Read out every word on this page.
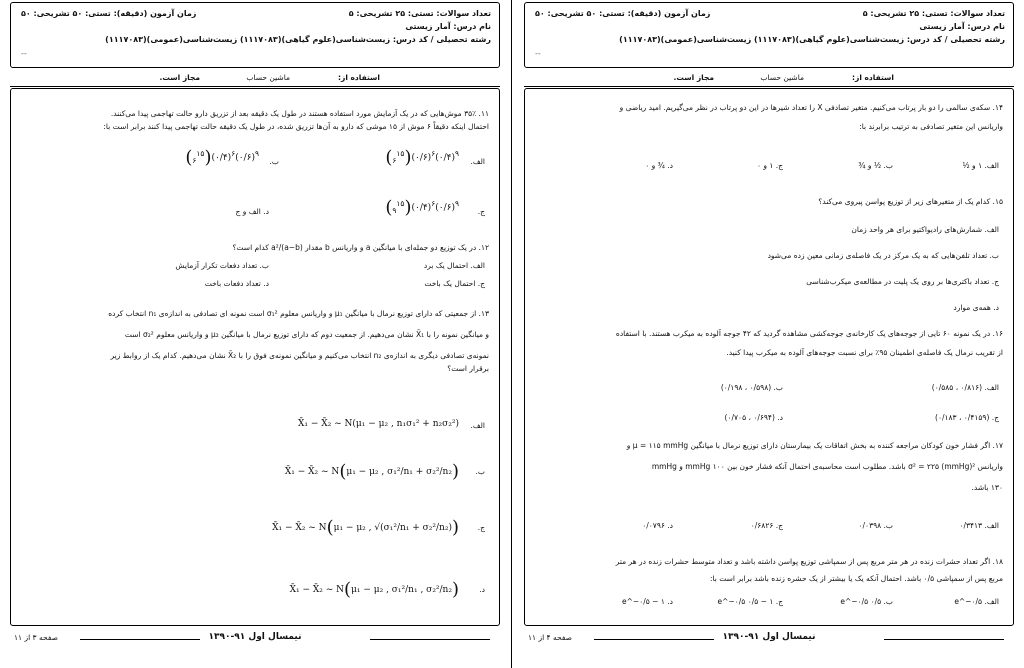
تعداد سوالات: تستی: ۲۵ تشریحی: ۵
زمان آزمون (دقیقه): تستی: ۵۰ تشریحی: ۵۰
نام درس: آمار زیستی
رشته تحصیلی / کد درس: زیست‌شناسی(علوم گیاهی)(۱۱۱۷۰۸۳) زیست‌شناسی(عمومی)(۱۱۱۷۰۸۳)
--
استفاده از:
ماشین حساب
مجاز است.
۱۱. ۳۵٪ موش‌هایی که در یک آزمایش مورد استفاده هستند در طول یک دقیقه بعد از تزریق دارو حالت تهاجمی پیدا می‌کنند.
احتمال اینکه دقیقاً ۶ موش از ۱۵ موشی که دارو به آن‌ها تزریق شده، در طول یک دقیقه حالت تهاجمی پیدا کنند برابر است با:
الف.
$(_۶^{۱۵})(۰/۶)^۶(۰/۴)^۹$
ب.
$(_۶^{۱۵})(۰/۴)^۶(۰/۶)^۹$
ج.
$(_۹^{۱۵})(۰/۴)^۶(۰/۶)^۹$
د. الف و ج
۱۲. در یک توزیع دو جمله‌ای با میانگین a و واریانس b مقدار a²/(a−b) کدام است؟
الف. احتمال یک برد
ب. تعداد دفعات تکرار آزمایش
ج. احتمال یک باخت
د. تعداد دفعات باخت
۱۳. از جمعیتی که دارای توزیع نرمال با میانگین μ₁ و واریانس معلوم σ₁² است نمونه ای تصادفی به اندازه‌ی n₁ انتخاب کرده
و میانگین نمونه را با X̄₁ نشان می‌دهیم. از جمعیت دوم که دارای توزیع نرمال با میانگین μ₂ و واریانس معلوم σ₂² است
نمونه‌ی تصادفی دیگری به اندازه‌ی n₂ انتخاب می‌کنیم و میانگین نمونه‌ی فوق را با X̄₂ نشان می‌دهیم. کدام یک از روابط زیر
برقرار است؟
الف.
X̄₁ − X̄₂ ~ N(μ₁ − μ₂ , n₁σ₁² + n₂σ₂²)
ب.
X̄₁ − X̄₂ ~ N(μ₁ − μ₂ , σ₁²/n₁ + σ₂²/n₂)
ج.
X̄₁ − X̄₂ ~ N(μ₁ − μ₂ , √(σ₁²/n₁ + σ₂²/n₂))
د.
X̄₁ − X̄₂ ~ N(μ₁ − μ₂ , σ₁²/n₁ , σ₂²/n₂)
نیمسال اول ۹۱-۱۳۹۰
صفحه ۳ از ۱۱
تعداد سوالات: تستی: ۲۵ تشریحی: ۵
زمان آزمون (دقیقه): تستی: ۵۰ تشریحی: ۵۰
نام درس: آمار زیستی
رشته تحصیلی / کد درس: زیست‌شناسی(علوم گیاهی)(۱۱۱۷۰۸۳) زیست‌شناسی(عمومی)(۱۱۱۷۰۸۳)
--
استفاده از:
ماشین حساب
مجاز است.
۱۴. سکه‌ی سالمی را دو بار پرتاب می‌کنیم. متغیر تصادفی X را تعداد شیرها در این دو پرتاب در نظر می‌گیریم. امید ریاضی و
واریانس این متغیر تصادفی به ترتیب برابرند با:
الف. ۱ و ½
ب. ½ و ¾
ج. ۱ و ۰
د. ¾ و ۰
۱۵. کدام یک از متغیرهای زیر از توزیع پواسن پیروی می‌کند؟
الف. شمارش‌های رادیواکتیو برای هر واحد زمان
ب. تعداد تلفن‌هایی که به یک مرکز در یک فاصله‌ی زمانی معین زده می‌شود
ج. تعداد باکتری‌ها بر روی یک پلیت در مطالعه‌ی میکرب‌شناسی
د. همه‌ی موارد
۱۶. در یک نمونه ۶۰ تایی از جوجه‌های یک کارخانه‌ی جوجه‌کشی مشاهده گردید که ۴۲ جوجه آلوده به میکرب هستند. با استفاده
از تقریب نرمال یک فاصله‌ی اطمینان ۹۵٪ برای نسبت جوجه‌های آلوده به میکرب پیدا کنید.
الف. (۰/۸۱۶ ، ۰/۵۸۵)
ب. (۰/۵۹۸ ، ۰/۱۹۸)
ج. (۰/۴۱۵۹ ، ۰/۱۸۳)
د. (۰/۶۹۴ ، ۰/۷۰۵)
۱۷. اگر فشار خون کودکان مراجعه کننده به بخش اتفاقات یک بیمارستان دارای توزیع نرمال با میانگین μ = ۱۱۵ mmHg و
واریانس σ² = ۲۲۵ (mmHg)² باشد. مطلوب است محاسبه‌ی احتمال آنکه فشار خون بین ۱۰۰ mmHg و mmHg
۱۳۰ باشد.
الف. ۰/۳۴۱۳
ب. ۰/۰۳۹۸
ج. ۰/۶۸۲۶
د. ۰/۰۷۹۶
۱۸. اگر تعداد حشرات زنده در هر متر مربع پس از سمپاشی توزیع پواسن داشته باشد و تعداد متوسط حشرات زنده در هر متر
مربع پس از سمپاشی ۰/۵ باشد. احتمال آنکه یک یا بیشتر از یک حشره زنده باشد برابر است با:
الف. e^−۰/۵
ب. ۰/۵ e^−۰/۵
ج. ۱ − ۰/۵ e^−۰/۵
د. ۱ − e^−۰/۵
نیمسال اول ۹۱-۱۳۹۰
صفحه ۴ از ۱۱
